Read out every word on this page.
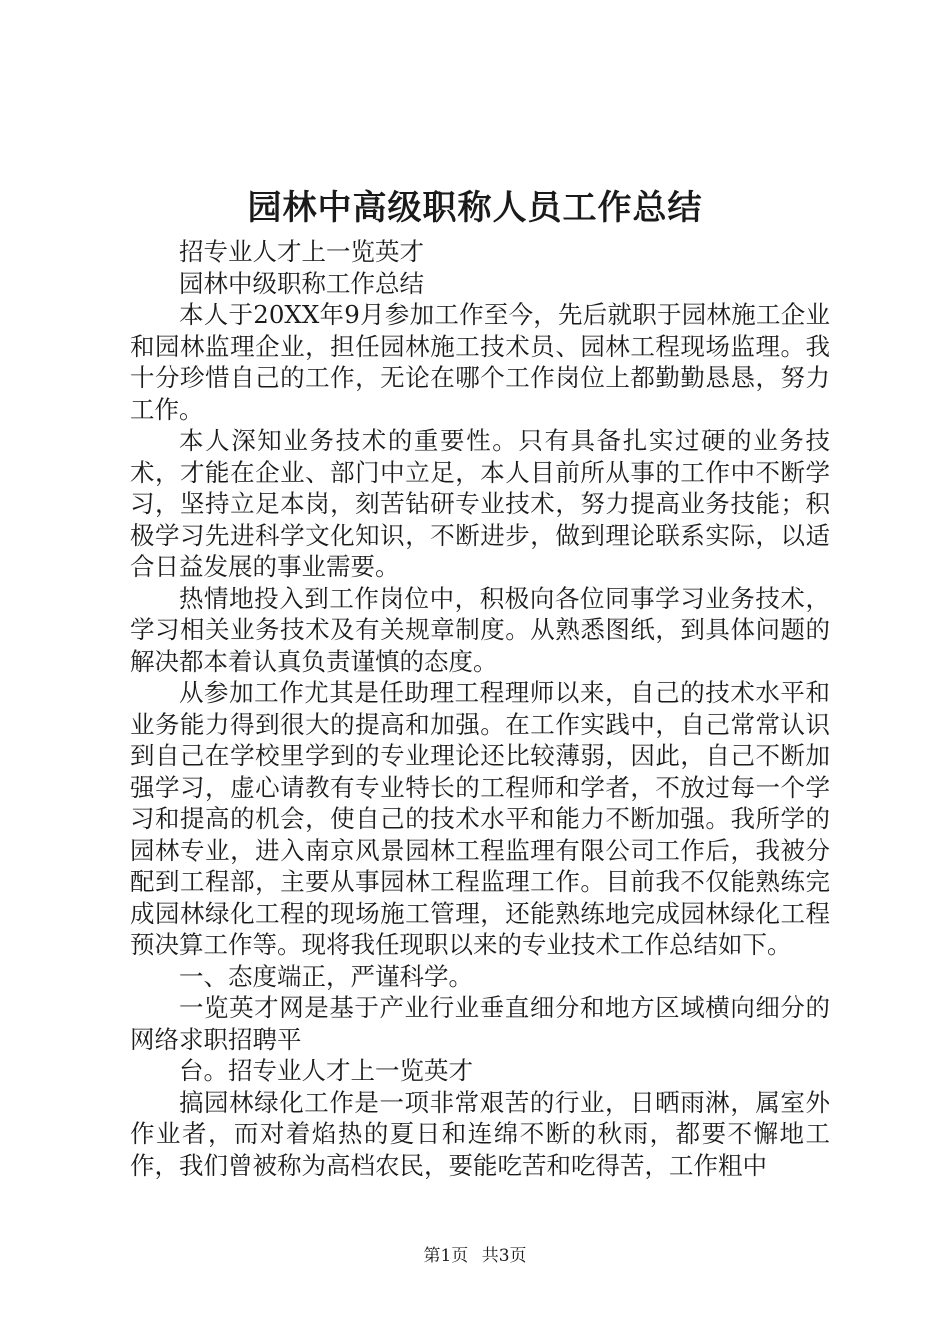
园林中高级职称人员工作总结

招专业人才上一览英才

园林中级职称工作总结

本人于20XX年9月参加工作至今，先后就职于园林施工企业和园林监理企业，担任园林施工技术员、园林工程现场监理。我十分珍惜自己的工作，无论在哪个工作岗位上都勤勤恳恳，努力工作。

本人深知业务技术的重要性。只有具备扎实过硬的业务技术，才能在企业、部门中立足，本人目前所从事的工作中不断学习，坚持立足本岗，刻苦钻研专业技术，努力提高业务技能；积极学习先进科学文化知识，不断进步，做到理论联系实际，以适合日益发展的事业需要。

热情地投入到工作岗位中，积极向各位同事学习业务技术，学习相关业务技术及有关规章制度。从熟悉图纸，到具体问题的解决都本着认真负责谨慎的态度。

从参加工作尤其是任助理工程理师以来，自己的技术水平和业务能力得到很大的提高和加强。在工作实践中，自己常常认识到自己在学校里学到的专业理论还比较薄弱，因此，自己不断加强学习，虚心请教有专业特长的工程师和学者，不放过每一个学习和提高的机会，使自己的技术水平和能力不断加强。我所学的园林专业，进入南京风景园林工程监理有限公司工作后，我被分配到工程部，主要从事园林工程监理工作。目前我不仅能熟练完成园林绿化工程的现场施工管理，还能熟练地完成园林绿化工程预决算工作等。现将我任现职以来的专业技术工作总结如下。

一、态度端正，严谨科学。

一览英才网是基于产业行业垂直细分和地方区域横向细分的网络求职招聘平

台。招专业人才上一览英才

搞园林绿化工作是一项非常艰苦的行业，日晒雨淋，属室外作业者，而对着焰热的夏日和连绵不断的秋雨，都要不懈地工作，我们曾被称为高档农民，要能吃苦和吃得苦，工作粗中

第1页 共3页
